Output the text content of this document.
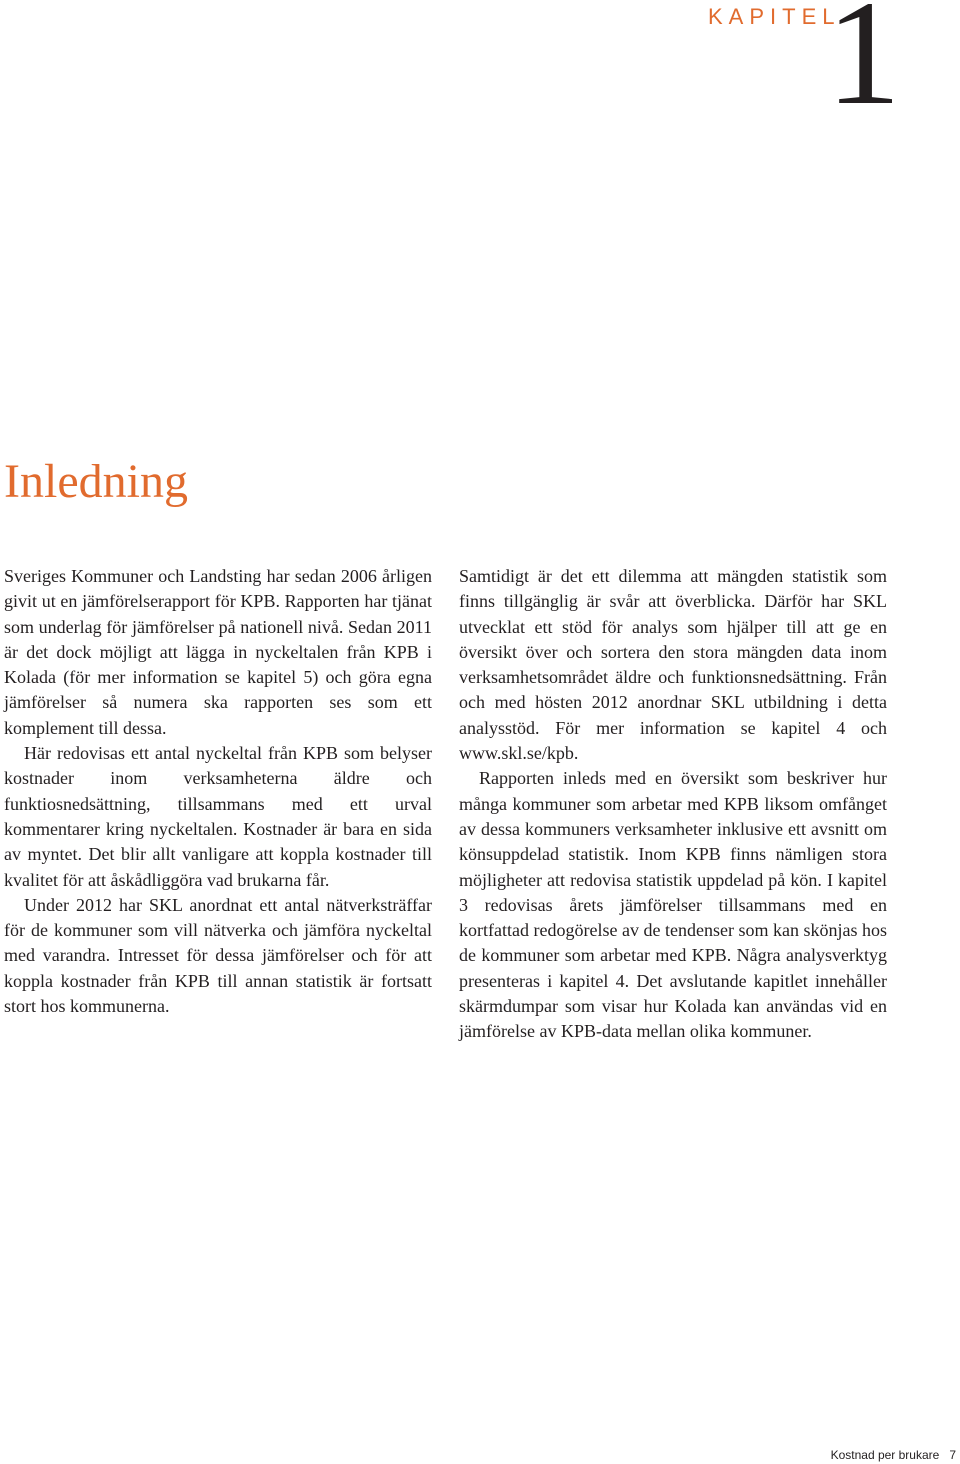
KAPITEL
1
Inledning

Sveriges Kommuner och Landsting har sedan 2006 årligen givit ut en jämförelserapport för KPB. Rapporten har tjänat som underlag för jämförelser på nationell nivå. Sedan 2011 är det dock möjligt att lägga in nyckeltalen från KPB i Kolada (för mer information se kapitel 5) och göra egna jämförelser så numera ska rapporten ses som ett komplement till dessa.

Här redovisas ett antal nyckeltal från KPB som belyser kostnader inom verksamheterna äldre och funktiosnedsättning, tillsammans med ett urval kommentarer kring nyckeltalen. Kostnader är bara en sida av myntet. Det blir allt vanligare att koppla kostnader till kvalitet för att åskådliggöra vad brukarna får.

Under 2012 har SKL anordnat ett antal nätverksträffar för de kommuner som vill nätverka och jämföra nyckeltal med varandra. Intresset för dessa jämförelser och för att koppla kostnader från KPB till annan statistik är fortsatt stort hos kommunerna.

Samtidigt är det ett dilemma att mängden statistik som finns tillgänglig är svår att överblicka. Därför har SKL utvecklat ett stöd för analys som hjälper till att ge en översikt över och sortera den stora mängden data inom verksamhetsområdet äldre och funktionsnedsättning. Från och med hösten 2012 anordnar SKL utbildning i detta analysstöd. För mer information se kapitel 4 och www.skl.se/kpb.

Rapporten inleds med en översikt som beskriver hur många kommuner som arbetar med KPB liksom omfånget av dessa kommuners verksamheter inklusive ett avsnitt om könsuppdelad statistik. Inom KPB finns nämligen stora möjligheter att redovisa statistik uppdelad på kön. I kapitel 3 redovisas årets jämförelser tillsammans med en kortfattad redogörelse av de tendenser som kan skönjas hos de kommuner som arbetar med KPB. Några analysverktyg presenteras i kapitel 4. Det avslutande kapitlet innehåller skärmdumpar som visar hur Kolada kan användas vid en jämförelse av KPB-data mellan olika kommuner.

Kostnad per brukare 7
